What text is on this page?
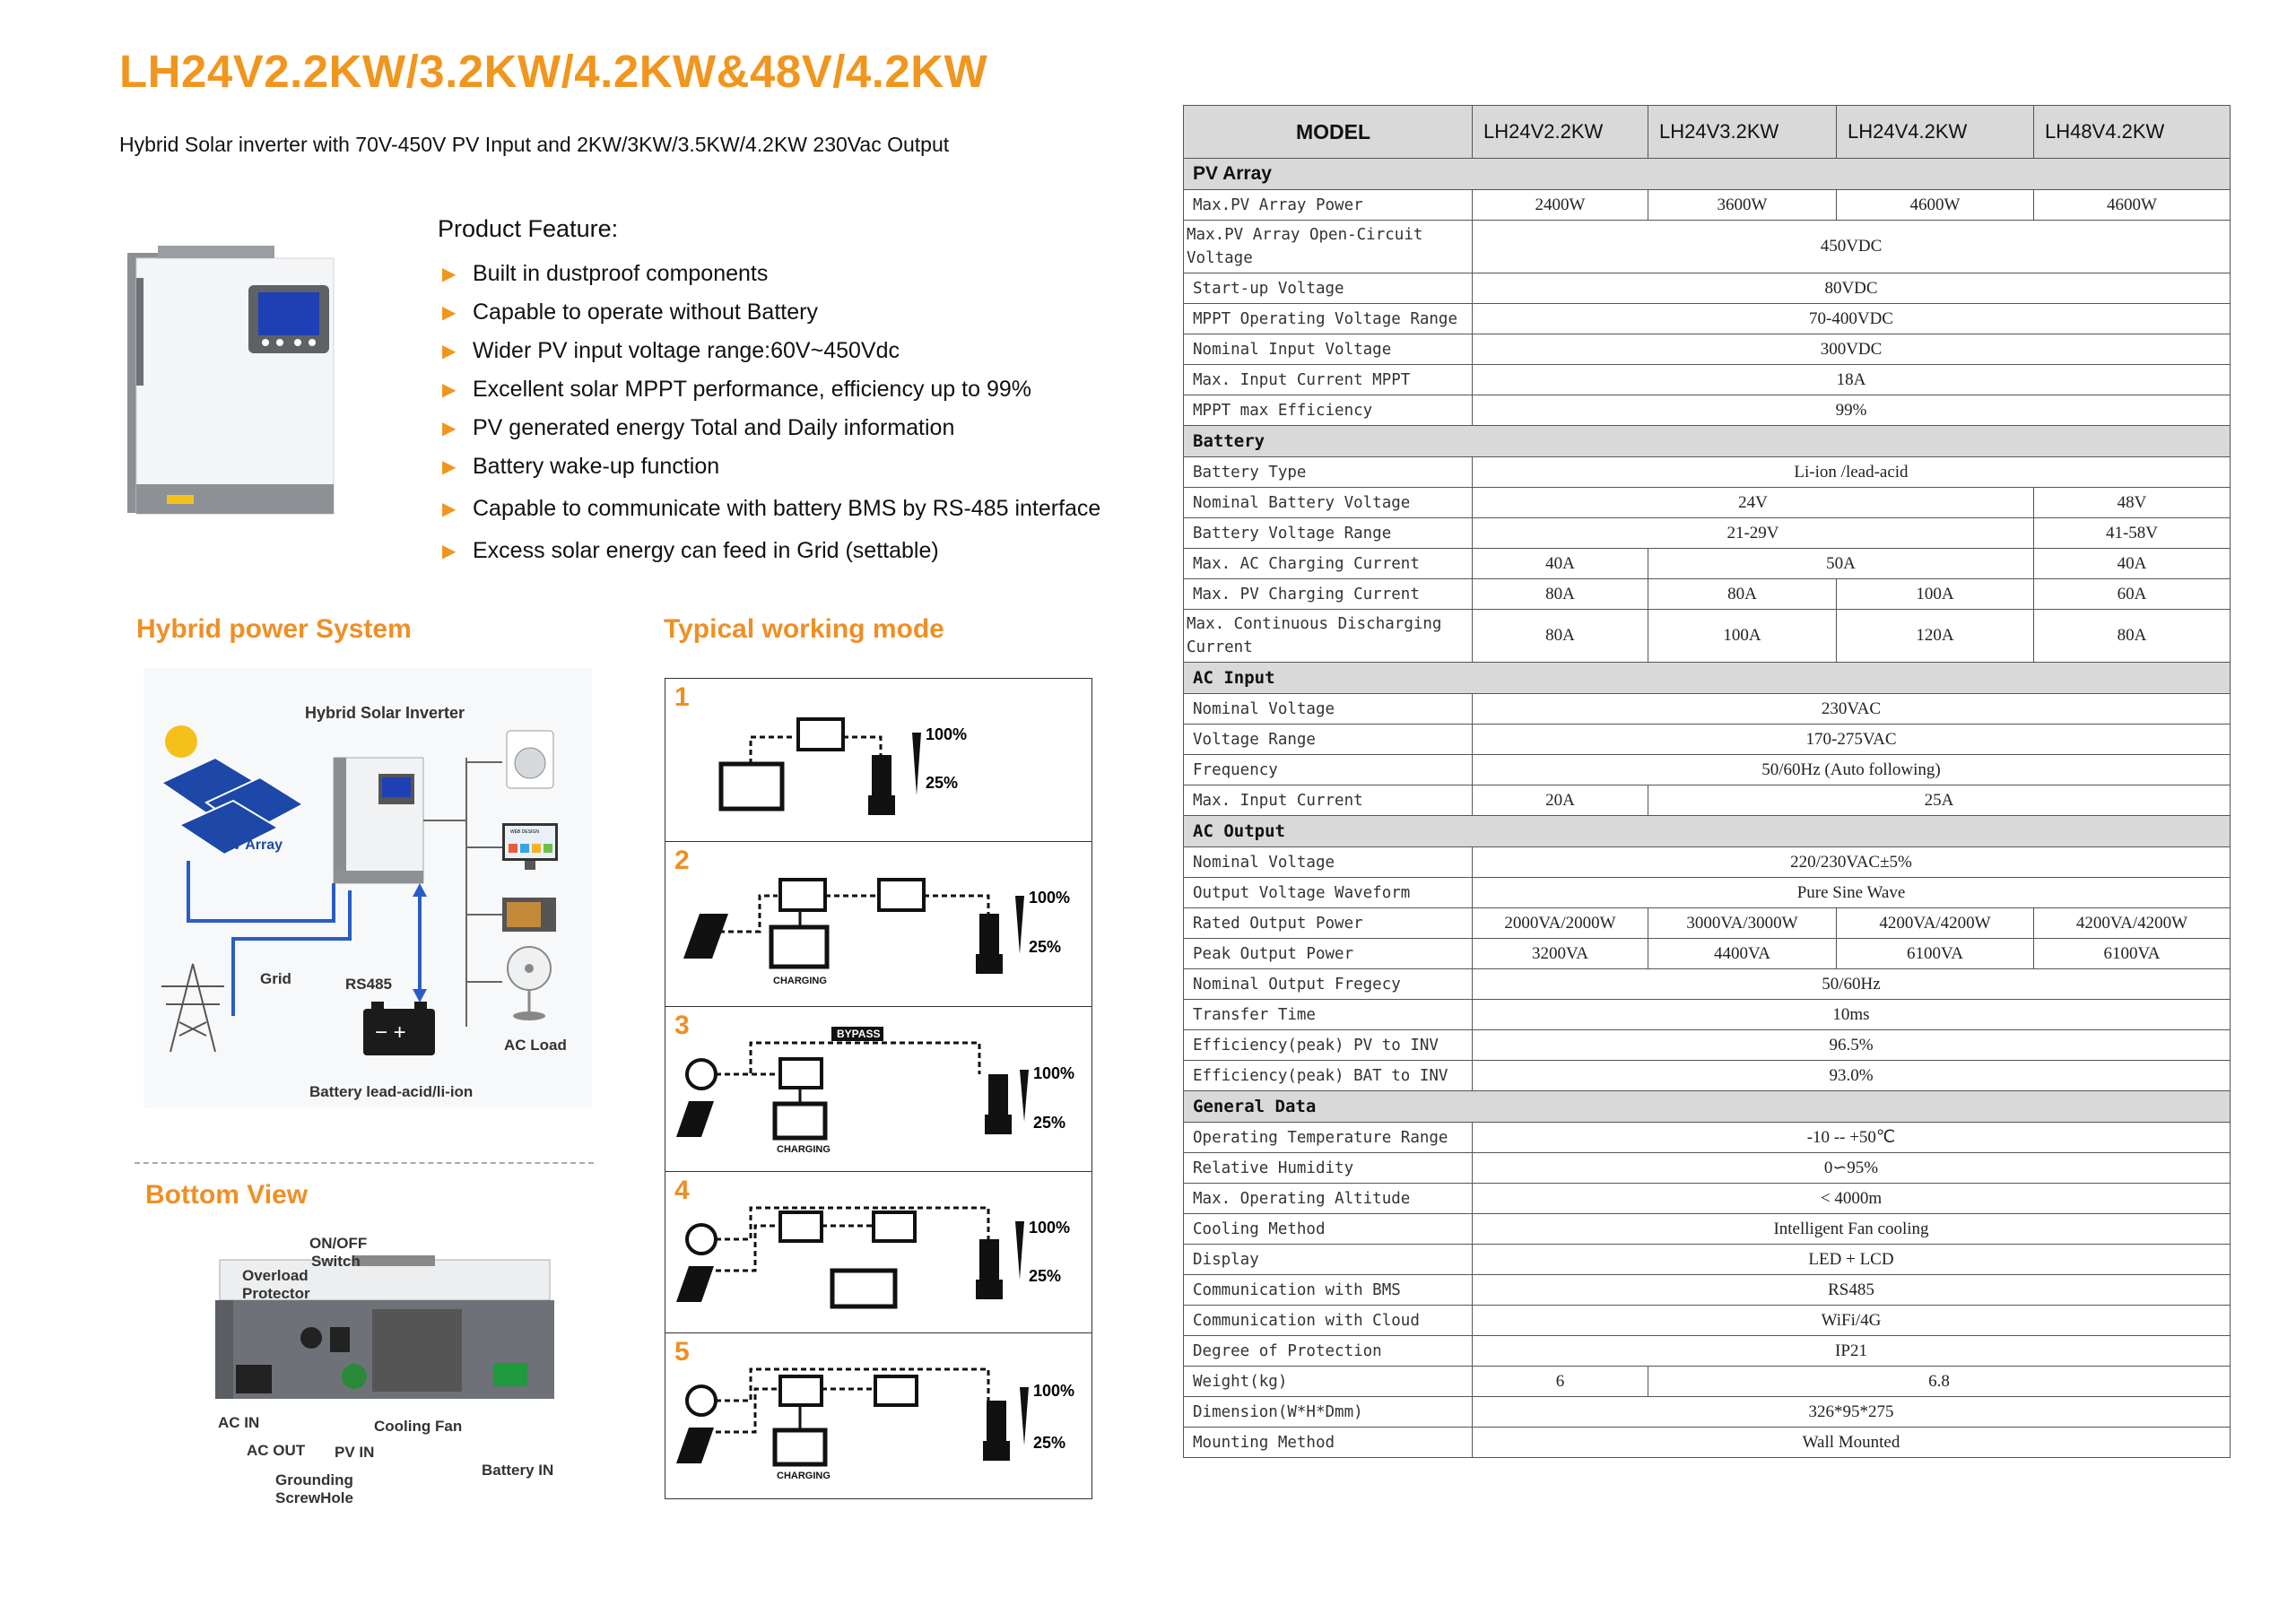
LH24V2.2KW/3.2KW/4.2KW&48V/4.2KW
Hybrid Solar inverter with 70V-450V PV Input and 2KW/3KW/3.5KW/4.2KW 230Vac Output
Product Feature:
▶ Built in dustproof components
▶ Capable to operate without Battery
▶ Wider PV input voltage range:60V~450Vdc
▶ Excellent solar MPPT performance, efficiency up to 99%
▶ PV generated energy Total and Daily information
▶ Battery wake-up function
▶ Capable to communicate with battery BMS by RS-485 interface
▶ Excess solar energy can feed in Grid (settable)
Hybrid power System	Typical working mode
Bottom View
Hybrid Solar Inverter
PV Array
WEB DESIGN
AC Load
Grid	RS485
− +
Battery lead-acid/li-ion
ON/OFF
Switch
Overload
Protector
AC IN
AC OUT PV IN
Cooling Fan
Battery IN
Grounding
ScrewHole
1
100%
25%
2
CHARGING
100%
25%
3	BYPASS
CHARGING
100%
25%
4
100%
25%
5
CHARGING
100%
25%
MODEL	LH24V2.2KW	LH24V3.2KW	LH24V4.2KW	LH48V4.2KW
PV Array				
Max.PV Array Power	2400W	3600W	4600W	4600W
Max.PV Array Open-Circuit Voltage	450VDC			
Start-up Voltage	80VDC			
MPPT Operating Voltage Range	70-400VDC			
Nominal Input Voltage	300VDC			
Max. Input Current MPPT	18A			
MPPT max Efficiency	99%			
Battery				
Battery Type	Li-ion /lead-acid			
Nominal Battery Voltage	24V			48V
Battery Voltage Range	21-29V			41-58V
Max. AC Charging Current	40A	50A		40A
Max. PV Charging Current	80A	80A	100A	60A
Max. Continuous Discharging Current	80A	100A	120A	80A
AC Input				
Nominal Voltage	230VAC			
Voltage Range	170-275VAC			
Frequency	50/60Hz (Auto following)			
Max. Input Current	20A	25A		
AC Output				
Nominal Voltage	220/230VAC±5%			
Output Voltage Waveform	Pure Sine Wave			
Rated Output Power	2000VA/2000W	3000VA/3000W	4200VA/4200W	4200VA/4200W
Peak Output Power	3200VA	4400VA	6100VA	6100VA
Nominal Output Fregecy	50/60Hz			
Transfer Time	10ms			
Efficiency(peak) PV to INV	96.5%			
Efficiency(peak) BAT to INV	93.0%			
General Data				
Operating Temperature Range	-10 -- +50℃			
Relative Humidity	0∽95%			
Max. Operating Altitude	< 4000m			
Cooling Method	Intelligent Fan cooling			
Display	LED + LCD			
Communication with BMS	RS485			
Communication with Cloud	WiFi/4G			
Degree of Protection	IP21			
Weight(kg)	6	6.8		
Dimension(W*H*Dmm)	326*95*275			
Mounting Method	Wall Mounted			
